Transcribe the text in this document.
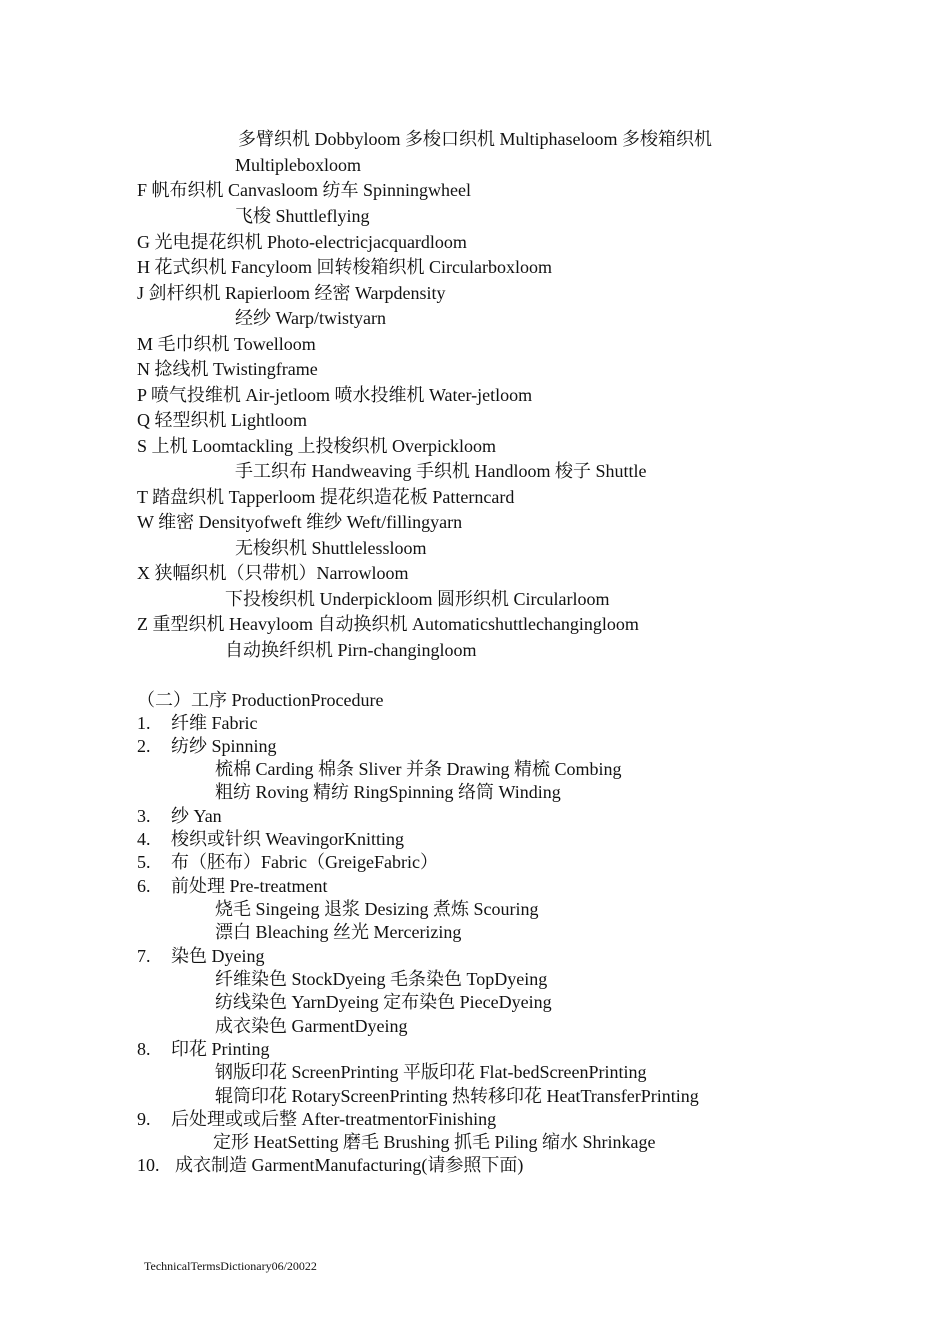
多臂织机 Dobbyloom 多梭口织机 Multiphaseloom 多梭箱织机
Multipleboxloom
F 帆布织机 Canvasloom 纺车 Spinningwheel
飞梭 Shuttleflying
G 光电提花织机 Photo-electricjacquardloom
H 花式织机 Fancyloom 回转梭箱织机 Circularboxloom
J 剑杆织机 Rapierloom 经密 Warpdensity
经纱 Warp/twistyarn
M 毛巾织机 Towelloom
N 捻线机 Twistingframe
P 喷气投维机 Air-jetloom 喷水投维机 Water-jetloom
Q 轻型织机 Lightloom
S 上机 Loomtackling 上投梭织机 Overpickloom
手工织布 Handweaving 手织机 Handloom 梭子 Shuttle
T 踏盘织机 Tapperloom 提花织造花板 Patterncard
W 维密 Densityofweft 维纱 Weft/fillingyarn
无梭织机 Shuttlelessloom
X 狭幅织机（只带机）Narrowloom
下投梭织机 Underpickloom 圆形织机 Circularloom
Z 重型织机 Heavyloom 自动换织机 Automaticshuttlechangingloom
自动换纤织机 Pirn-changingloom
（二）工序 ProductionProcedure
1. 纤维 Fabric
2. 纺纱 Spinning
梳棉 Carding 棉条 Sliver 并条 Drawing 精梳 Combing
粗纺 Roving 精纺 RingSpinning 络筒 Winding
3. 纱 Yan
4. 梭织或针织 WeavingorKnitting
5. 布（胚布）Fabric（GreigeFabric）
6. 前处理 Pre-treatment
烧毛 Singeing 退浆 Desizing 煮炼 Scouring
漂白 Bleaching 丝光 Mercerizing
7. 染色 Dyeing
纤维染色 StockDyeing 毛条染色 TopDyeing
纺线染色 YarnDyeing 定布染色 PieceDyeing
成衣染色 GarmentDyeing
8. 印花 Printing
钢版印花 ScreenPrinting 平版印花 Flat-bedScreenPrinting
辊筒印花 RotaryScreenPrinting 热转移印花 HeatTransferPrinting
9. 后处理或或后整 After-treatmentorFinishing
定形 HeatSetting 磨毛 Brushing 抓毛 Piling 缩水 Shrinkage
10. 成衣制造 GarmentManufacturing(请参照下面)
TechnicalTermsDictionary06/20022
